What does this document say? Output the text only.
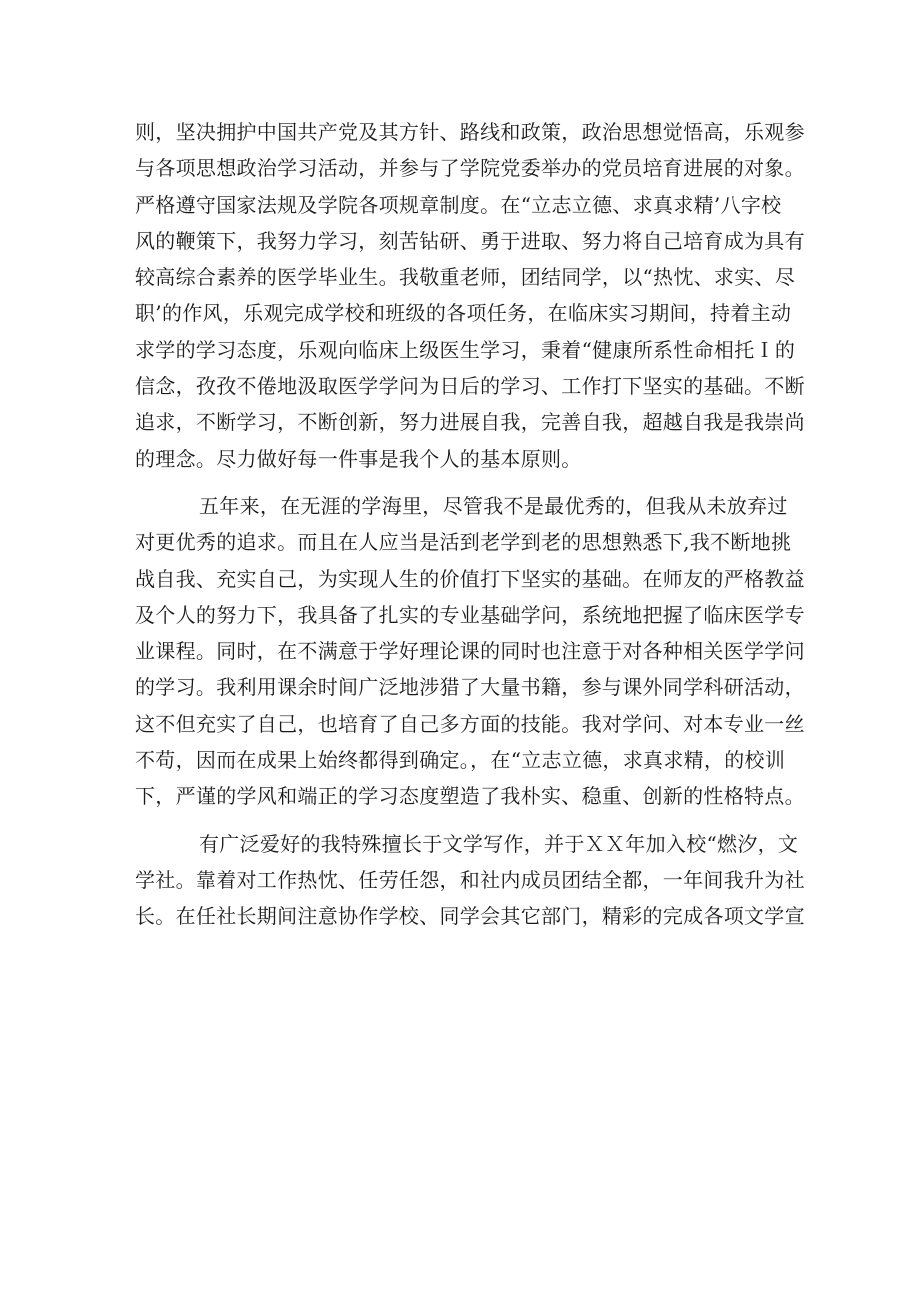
则，坚决拥护中国共产党及其方针、路线和政策，政治思想觉悟高，乐观参
与各项思想政治学习活动，并参与了学院党委举办的党员培育进展的对象。
严格遵守国家法规及学院各项规章制度。在“立志立德、求真求精’八字校
风的鞭策下，我努力学习，刻苦钻研、勇于进取、努力将自己培育成为具有
较高综合素养的医学毕业生。我敬重老师，团结同学，以“热忱、求实、尽
职’的作风，乐观完成学校和班级的各项任务，在临床实习期间，持着主动
求学的学习态度，乐观向临床上级医生学习，秉着“健康所系性命相托Ｉ的
信念，孜孜不倦地汲取医学学问为日后的学习、工作打下坚实的基础。不断
追求，不断学习，不断创新，努力进展自我，完善自我，超越自我是我崇尚
的理念。尽力做好每一件事是我个人的基本原则。
五年来，在无涯的学海里，尽管我不是最优秀的，但我从未放弃过
对更优秀的追求。而且在人应当是活到老学到老的思想熟悉下,我不断地挑
战自我、充实自己，为实现人生的价值打下坚实的基础。在师友的严格教益
及个人的努力下，我具备了扎实的专业基础学问，系统地把握了临床医学专
业课程。同时，在不满意于学好理论课的同时也注意于对各种相关医学学问
的学习。我利用课余时间广泛地涉猎了大量书籍，参与课外同学科研活动，
这不但充实了自己，也培育了自己多方面的技能。我对学问、对本专业一丝
不苟，因而在成果上始终都得到确定。，在“立志立德，求真求精，的校训
下，严谨的学风和端正的学习态度塑造了我朴实、稳重、创新的性格特点。
有广泛爱好的我特殊擅长于文学写作，并于ＸＸ年加入校“燃汐，文
学社。靠着对工作热忱、任劳任怨，和社内成员团结全都，一年间我升为社
长。在任社长期间注意协作学校、同学会其它部门，精彩的完成各项文学宣
